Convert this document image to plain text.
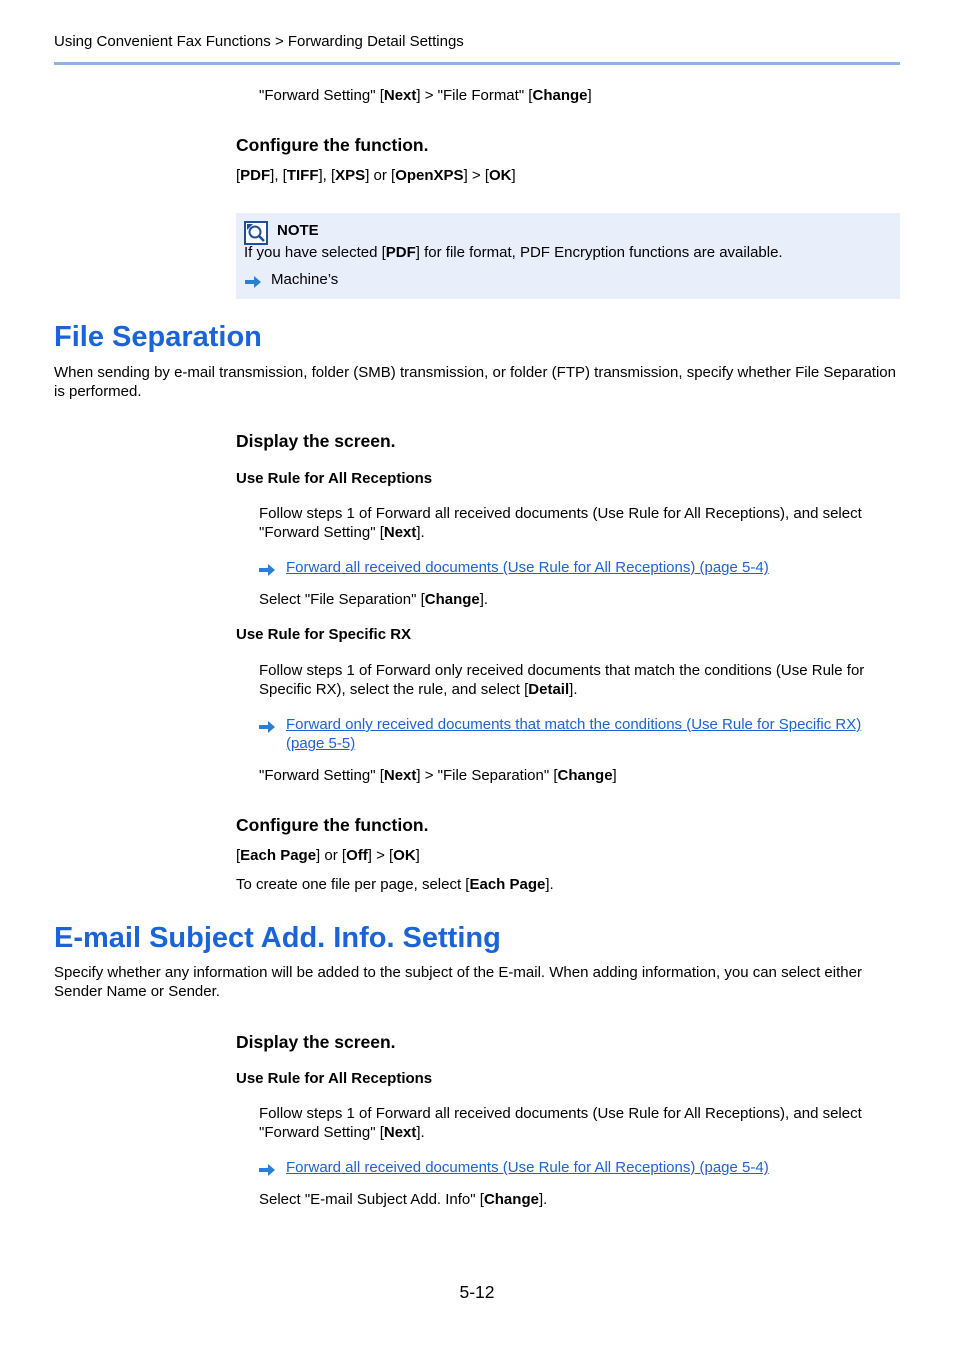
Using Convenient Fax Functions > Forwarding Detail Settings
"Forward Setting" [Next] > "File Format" [Change]
Configure the function.
[PDF], [TIFF], [XPS] or [OpenXPS] > [OK]
NOTE
If you have selected [PDF] for file format, PDF Encryption functions are available.
Machine’s
File Separation
When sending by e-mail transmission, folder (SMB) transmission, or folder (FTP) transmission, specify whether File Separation is performed.
Display the screen.
Use Rule for All Receptions
Follow steps 1 of Forward all received documents (Use Rule for All Receptions), and select "Forward Setting" [Next].
Forward all received documents (Use Rule for All Receptions) (page 5-4)
Select "File Separation" [Change].
Use Rule for Specific RX
Follow steps 1 of Forward only received documents that match the conditions (Use Rule for Specific RX), select the rule, and select [Detail].
Forward only received documents that match the conditions (Use Rule for Specific RX)
(page 5-5)
"Forward Setting" [Next] > "File Separation" [Change]
Configure the function.
[Each Page] or [Off] > [OK]
To create one file per page, select [Each Page].
E-mail Subject Add. Info. Setting
Specify whether any information will be added to the subject of the E-mail. When adding information, you can select either Sender Name or Sender.
Display the screen.
Use Rule for All Receptions
Follow steps 1 of Forward all received documents (Use Rule for All Receptions), and select "Forward Setting" [Next].
Forward all received documents (Use Rule for All Receptions) (page 5-4)
Select "E-mail Subject Add. Info" [Change].
5-12
